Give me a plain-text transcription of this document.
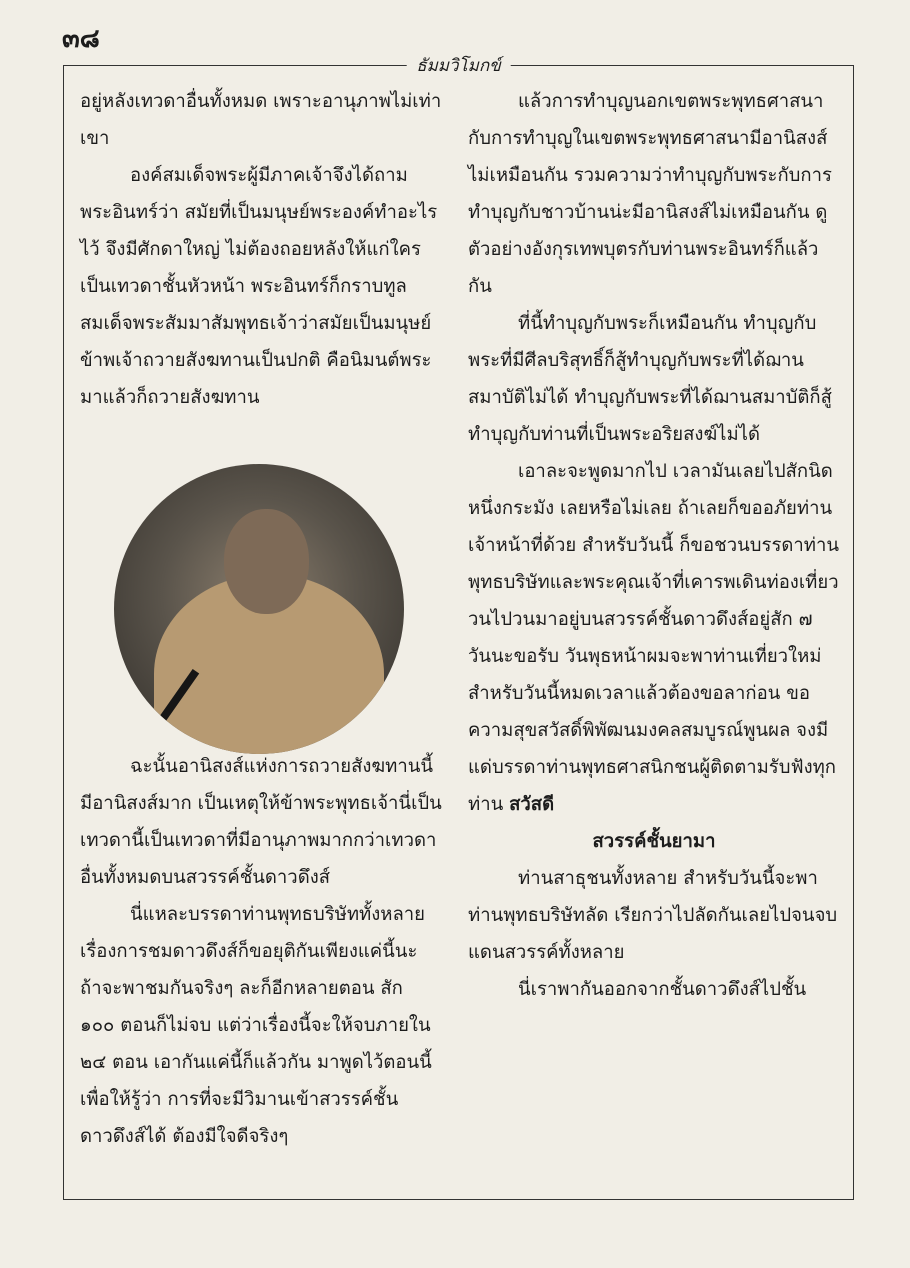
๓๘
ธัมมวิโมกข์

อยู่หลังเทวดาอื่นทั้งหมด เพราะอานุภาพไม่เท่าเขา

องค์สมเด็จพระผู้มีภาคเจ้าจึงได้ถามพระอินทร์ว่า สมัยที่เป็นมนุษย์พระองค์ทำอะไรไว้ จึงมีศักดาใหญ่ ไม่ต้องถอยหลังให้แก่ใครเป็นเทวดาชั้นหัวหน้า พระอินทร์ก็กราบทูลสมเด็จพระสัมมาสัมพุทธเจ้าว่าสมัยเป็นมนุษย์ข้าพเจ้าถวายสังฆทานเป็นปกติ คือนิมนต์พระมาแล้วก็ถวายสังฆทาน

ฉะนั้นอานิสงส์แห่งการถวายสังฆทานนี้มีอานิสงส์มาก เป็นเหตุให้ข้าพระพุทธเจ้านี่เป็นเทวดานี้เป็นเทวดาที่มีอานุภาพมากกว่าเทวดาอื่นทั้งหมดบนสวรรค์ชั้นดาวดึงส์

นี่แหละบรรดาท่านพุทธบริษัททั้งหลายเรื่องการชมดาวดึงส์ก็ขอยุติกันเพียงแค่นี้นะ ถ้าจะพาชมกันจริงๆ ละก็อีกหลายตอน สัก ๑๐๐ ตอนก็ไม่จบ แต่ว่าเรื่องนี้จะให้จบภายใน ๒๔ ตอน เอากันแค่นี้ก็แล้วกัน มาพูดไว้ตอนนี้เพื่อให้รู้ว่า การที่จะมีวิมานเข้าสวรรค์ชั้นดาวดึงส์ได้ ต้องมีใจดีจริงๆ

แล้วการทำบุญนอกเขตพระพุทธศาสนากับการทำบุญในเขตพระพุทธศาสนามีอานิสงส์ไม่เหมือนกัน รวมความว่าทำบุญกับพระกับการทำบุญกับชาวบ้านน่ะมีอานิสงส์ไม่เหมือนกัน ดูตัวอย่างอังกุรเทพบุตรกับท่านพระอินทร์ก็แล้วกัน

ที่นี้ทำบุญกับพระก็เหมือนกัน ทำบุญกับพระที่มีศีลบริสุทธิ์ก็สู้ทำบุญกับพระที่ได้ฌานสมาบัติไม่ได้ ทำบุญกับพระที่ได้ฌานสมาบัติก็สู้ทำบุญกับท่านที่เป็นพระอริยสงฆ์ไม่ได้

เอาละจะพูดมากไป เวลามันเลยไปสักนิดหนึ่งกระมัง เลยหรือไม่เลย ถ้าเลยก็ขออภัยท่านเจ้าหน้าที่ด้วย สำหรับวันนี้ ก็ขอชวนบรรดาท่านพุทธบริษัทและพระคุณเจ้าที่เคารพเดินท่องเที่ยววนไปวนมาอยู่บนสวรรค์ชั้นดาวดึงส์อยู่สัก ๗ วันนะขอรับ วันพุธหน้าผมจะพาท่านเที่ยวใหม่ สำหรับวันนี้หมดเวลาแล้วต้องขอลาก่อน ขอความสุขสวัสดิ์พิพัฒนมงคลสมบูรณ์พูนผล จงมีแด่บรรดาท่านพุทธศาสนิกชนผู้ติดตามรับฟังทุกท่าน สวัสดี

สวรรค์ชั้นยามา

ท่านสาธุชนทั้งหลาย สำหรับวันนี้จะพาท่านพุทธบริษัทลัด เรียกว่าไปลัดกันเลยไปจนจบแดนสวรรค์ทั้งหลาย

นี่เราพากันออกจากชั้นดาวดึงส์ไปชั้น
